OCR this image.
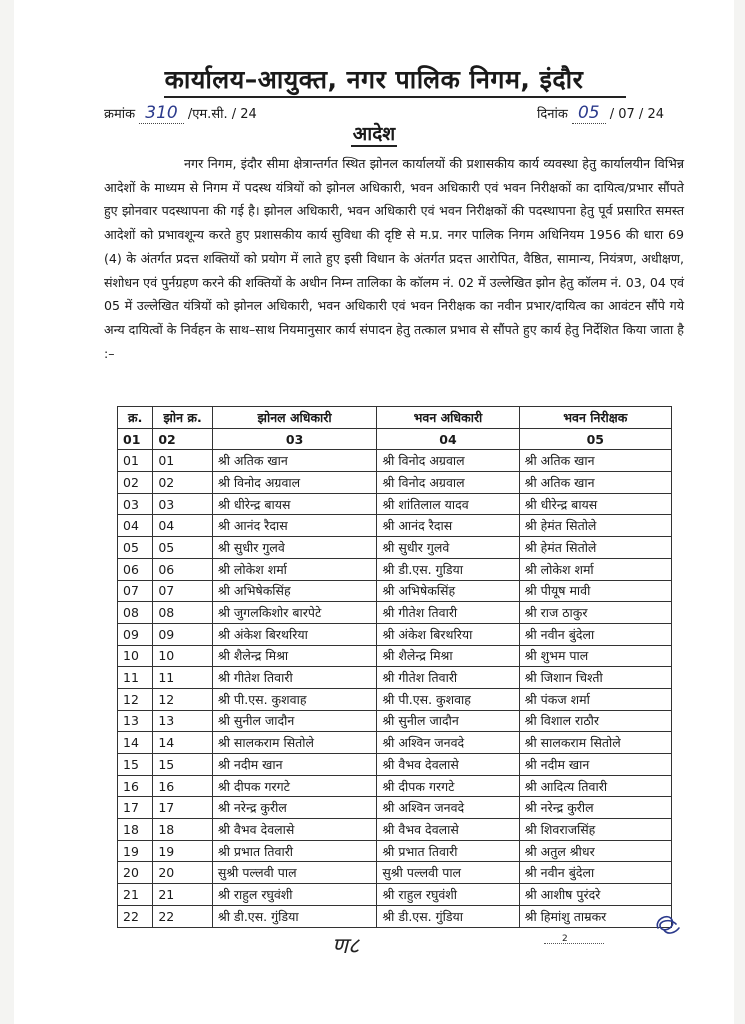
कार्यालय–आयुक्त, नगर पालिक निगम, इंदौर
क्रमांक 310 /एम.सी. / 24	दिनांक 05 / 07 / 24
आदेश
नगर निगम, इंदौर सीमा क्षेत्रान्तर्गत स्थित झोनल कार्यालयों की प्रशासकीय कार्य व्यवस्था हेतु कार्यालयीन विभिन्न आदेशों के माध्यम से निगम में पदस्थ यंत्रियों को झोनल अधिकारी, भवन अधिकारी एवं भवन निरीक्षकों का दायित्व/प्रभार सौंपते हुए झोनवार पदस्थापना की गई है। झोनल अधिकारी, भवन अधिकारी एवं भवन निरीक्षकों की पदस्थापना हेतु पूर्व प्रसारित समस्त आदेशों को प्रभावशून्य करते हुए प्रशासकीय कार्य सुविधा की दृष्टि से म.प्र. नगर पालिक निगम अधिनियम 1956 की धारा 69 (4) के अंतर्गत प्रदत्त शक्तियों को प्रयोग में लाते हुए इसी विधान के अंतर्गत प्रदत्त आरोपित, वैष्ठित, सामान्य, नियंत्रण, अधीक्षण, संशोधन एवं पुर्नग्रहण करने की शक्तियों के अधीन निम्न तालिका के कॉलम नं. 02 में उल्लेखित झोन हेतु कॉलम नं. 03, 04 एवं 05 में उल्लेखित यंत्रियों को झोनल अधिकारी, भवन अधिकारी एवं भवन निरीक्षक का नवीन प्रभार/दायित्व का आवंटन सौंपे गये अन्य दायित्वों के निर्वहन के साथ–साथ नियमानुसार कार्य संपादन हेतु तत्काल प्रभाव से सौंपते हुए कार्य हेतु निर्देशित किया जाता है :–
क्र.	झोन क्र.	झोनल अधिकारी	भवन अधिकारी	भवन निरीक्षक
01	02	03	04	05
01	01	श्री अतिक खान	श्री विनोद अग्रवाल	श्री अतिक खान
02	02	श्री विनोद अग्रवाल	श्री विनोद अग्रवाल	श्री अतिक खान
03	03	श्री धीरेन्द्र बायस	श्री शांतिलाल यादव	श्री धीरेन्द्र बायस
04	04	श्री आनंद रैदास	श्री आनंद रैदास	श्री हेमंत सितोले
05	05	श्री सुधीर गुलवे	श्री सुधीर गुलवे	श्री हेमंत सितोले
06	06	श्री लोकेश शर्मा	श्री डी.एस. गुडिया	श्री लोकेश शर्मा
07	07	श्री अभिषेकसिंह	श्री अभिषेकसिंह	श्री पीयूष मावी
08	08	श्री जुगलकिशोर बारपेटे	श्री गीतेश तिवारी	श्री राज ठाकुर
09	09	श्री अंकेश बिरथरिया	श्री अंकेश बिरथरिया	श्री नवीन बुंदेला
10	10	श्री शैलेन्द्र मिश्रा	श्री शैलेन्द्र मिश्रा	श्री शुभम पाल
11	11	श्री गीतेश तिवारी	श्री गीतेश तिवारी	श्री जिशान चिश्ती
12	12	श्री पी.एस. कुशवाह	श्री पी.एस. कुशवाह	श्री पंकज शर्मा
13	13	श्री सुनील जादौन	श्री सुनील जादौन	श्री विशाल राठौर
14	14	श्री सालकराम सितोले	श्री अश्विन जनवदे	श्री सालकराम सितोले
15	15	श्री नदीम खान	श्री वैभव देवलासे	श्री नदीम खान
16	16	श्री दीपक गरगटे	श्री दीपक गरगटे	श्री आदित्य तिवारी
17	17	श्री नरेन्द्र कुरील	श्री अश्विन जनवदे	श्री नरेन्द्र कुरील
18	18	श्री वैभव देवलासे	श्री वैभव देवलासे	श्री शिवराजसिंह
19	19	श्री प्रभात तिवारी	श्री प्रभात तिवारी	श्री अतुल श्रीधर
20	20	सुश्री पल्लवी पाल	सुश्री पल्लवी पाल	श्री नवीन बुंदेला
21	21	श्री राहुल रघुवंशी	श्री राहुल रघुवंशी	श्री आशीष पुरंदरे
22	22	श्री डी.एस. गुंडिया	श्री डी.एस. गुंडिया	श्री हिमांशु ताम्रकर
ण८	2
